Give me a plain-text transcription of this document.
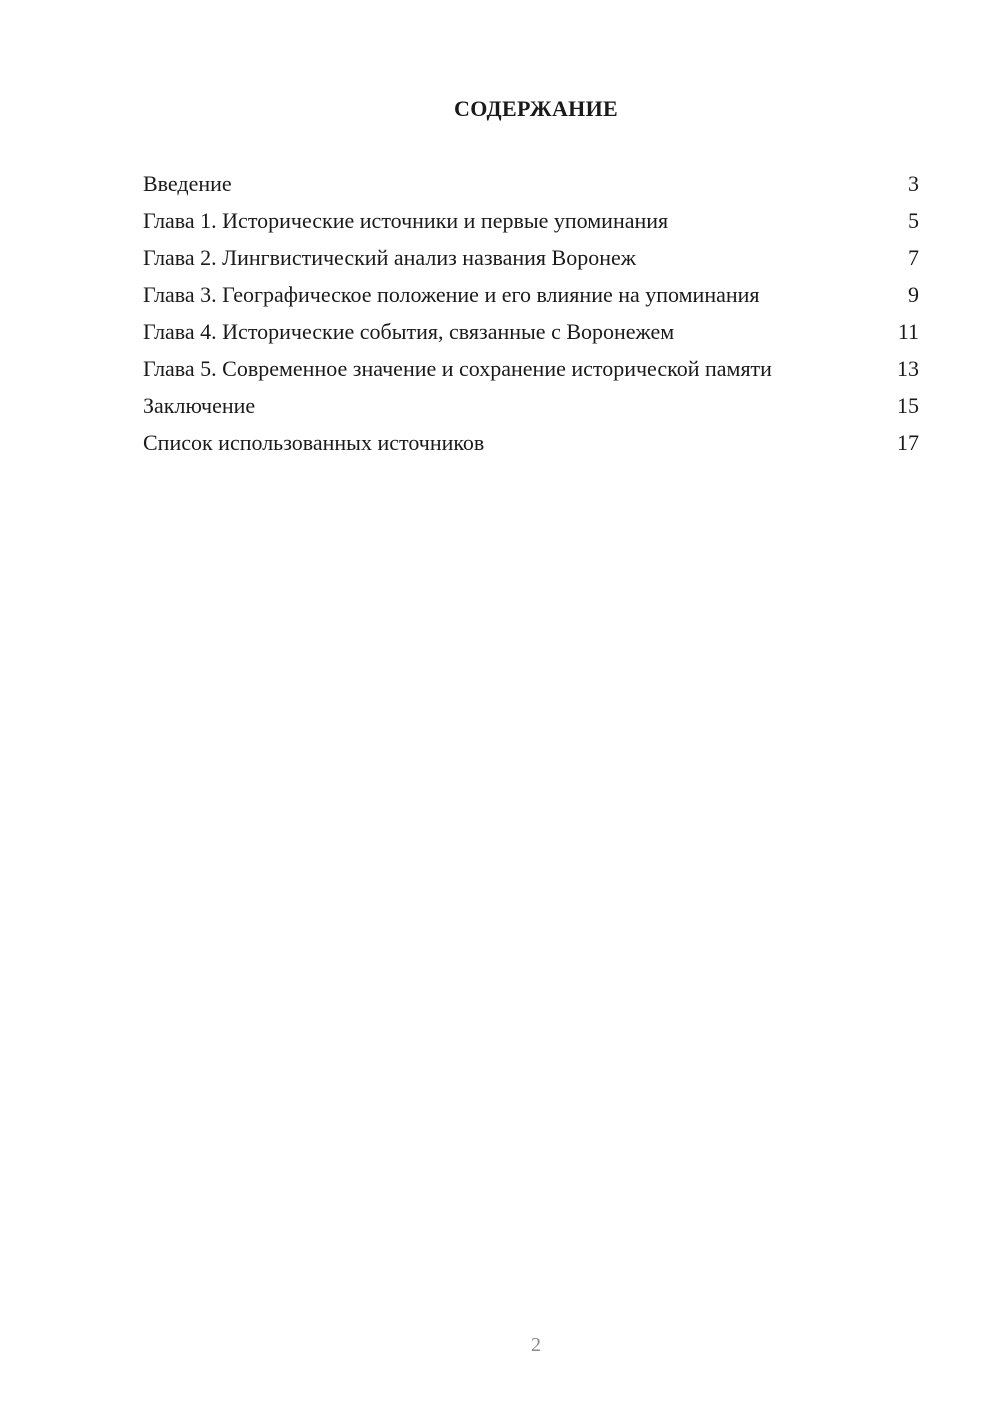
СОДЕРЖАНИЕ
Введение	3
Глава 1. Исторические источники и первые упоминания	5
Глава 2. Лингвистический анализ названия Воронеж	7
Глава 3. Географическое положение и его влияние на упоминания	9
Глава 4. Исторические события, связанные с Воронежем	11
Глава 5. Современное значение и сохранение исторической памяти	13
Заключение	15
Список использованных источников	17
2
